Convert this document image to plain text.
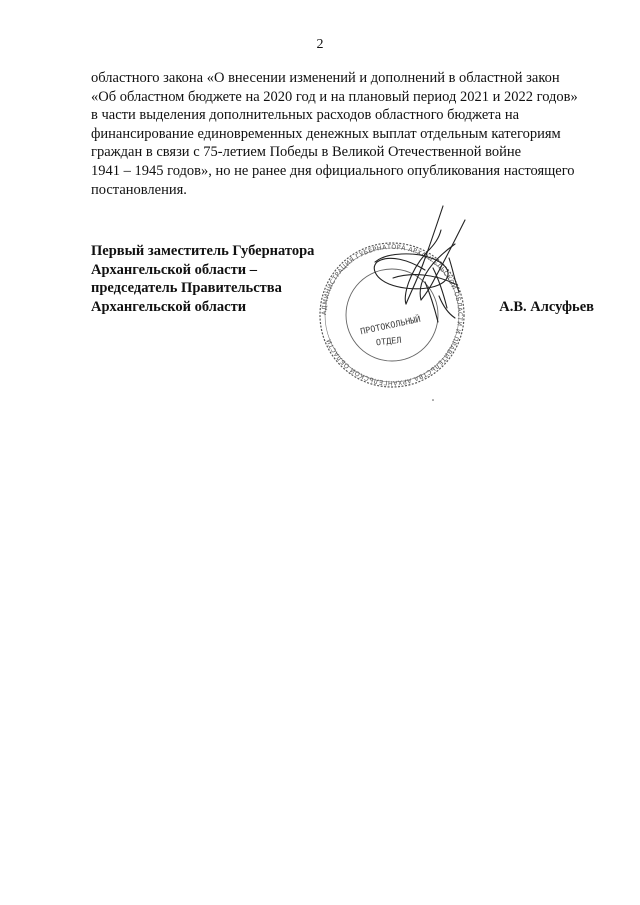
2
областного закона «О внесении изменений и дополнений в областной закон
«Об областном бюджете на 2020 год и на плановый период 2021 и 2022 годов»
в части выделения дополнительных расходов областного бюджета на
финансирование единовременных денежных выплат отдельным категориям
граждан в связи с 75-летием Победы в Великой Отечественной войне
1941 – 1945 годов», но не ранее дня официального опубликования настоящего
постановления.
Первый заместитель Губернатора
Архангельской области –
председатель Правительства
Архангельской области	А.В. Алсуфьев
АДМИНИСТРАЦИЯ ГУБЕРНАТОРА АРХАНГЕЛЬСКОЙ ОБЛАСТИ И ПРАВИТЕЛЬСТВА АРХАНГЕЛЬСКОЙ ОБЛАСТИ
ПРОТОКОЛЬНЫЙ
ОТДЕЛ
